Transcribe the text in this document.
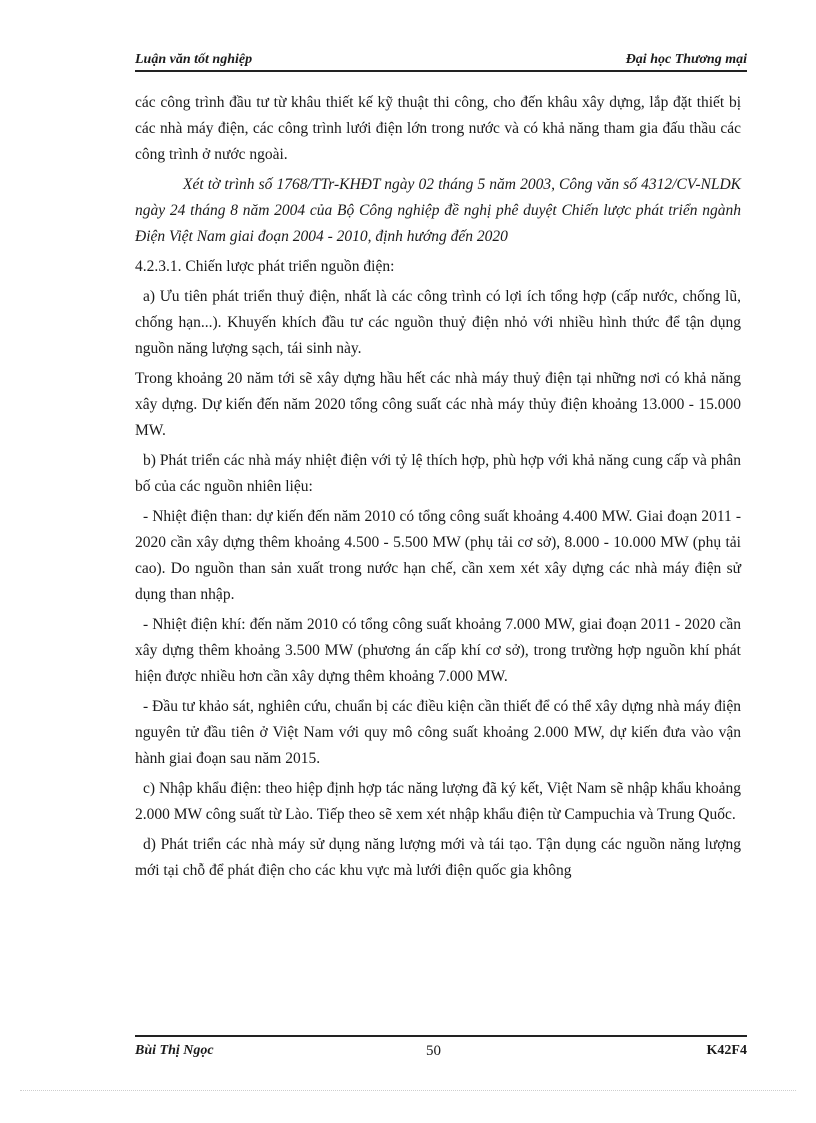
Luận văn tốt nghiệp	Đại học Thương mại

các công trình đầu tư từ khâu thiết kế kỹ thuật thi công, cho đến khâu xây dựng, lắp đặt thiết bị các nhà máy điện, các công trình lưới điện lớn trong nước và có khả năng tham gia đấu thầu các công trình ở nước ngoài.

Xét tờ trình số 1768/TTr-KHĐT ngày 02 tháng 5 năm 2003, Công văn số 4312/CV-NLDK ngày 24 tháng 8 năm 2004 của Bộ Công nghiệp đề nghị phê duyệt Chiến lược phát triển ngành Điện Việt Nam giai đoạn 2004 - 2010, định hướng đến 2020

4.2.3.1. Chiến lược phát triển nguồn điện:

a) Ưu tiên phát triển thuỷ điện, nhất là các công trình có lợi ích tổng hợp (cấp nước, chống lũ, chống hạn...). Khuyến khích đầu tư các nguồn thuỷ điện nhỏ với nhiều hình thức để tận dụng nguồn năng lượng sạch, tái sinh này.

Trong khoảng 20 năm tới sẽ xây dựng hầu hết các nhà máy thuỷ điện tại những nơi có khả năng xây dựng. Dự kiến đến năm 2020 tổng công suất các nhà máy thủy điện khoảng 13.000 - 15.000 MW.

b) Phát triển các nhà máy nhiệt điện với tỷ lệ thích hợp, phù hợp với khả năng cung cấp và phân bố của các nguồn nhiên liệu:

- Nhiệt điện than: dự kiến đến năm 2010 có tổng công suất khoảng 4.400 MW. Giai đoạn 2011 - 2020 cần xây dựng thêm khoảng 4.500 - 5.500 MW (phụ tải cơ sở), 8.000 - 10.000 MW (phụ tải cao). Do nguồn than sản xuất trong nước hạn chế, cần xem xét xây dựng các nhà máy điện sử dụng than nhập.

- Nhiệt điện khí: đến năm 2010 có tổng công suất khoảng 7.000 MW, giai đoạn 2011 - 2020 cần xây dựng thêm khoảng 3.500 MW (phương án cấp khí cơ sở), trong trường hợp nguồn khí phát hiện được nhiều hơn cần xây dựng thêm khoảng 7.000 MW.

- Đầu tư khảo sát, nghiên cứu, chuẩn bị các điều kiện cần thiết để có thể xây dựng nhà máy điện nguyên tử đầu tiên ở Việt Nam với quy mô công suất khoảng 2.000 MW, dự kiến đưa vào vận hành giai đoạn sau năm 2015.

c) Nhập khẩu điện: theo hiệp định hợp tác năng lượng đã ký kết, Việt Nam sẽ nhập khẩu khoảng 2.000 MW công suất từ Lào. Tiếp theo sẽ xem xét nhập khẩu điện từ Campuchia và Trung Quốc.

d) Phát triển các nhà máy sử dụng năng lượng mới và tái tạo. Tận dụng các nguồn năng lượng mới tại chỗ để phát điện cho các khu vực mà lưới điện quốc gia không

Bùi Thị Ngọc	50	K42F4
